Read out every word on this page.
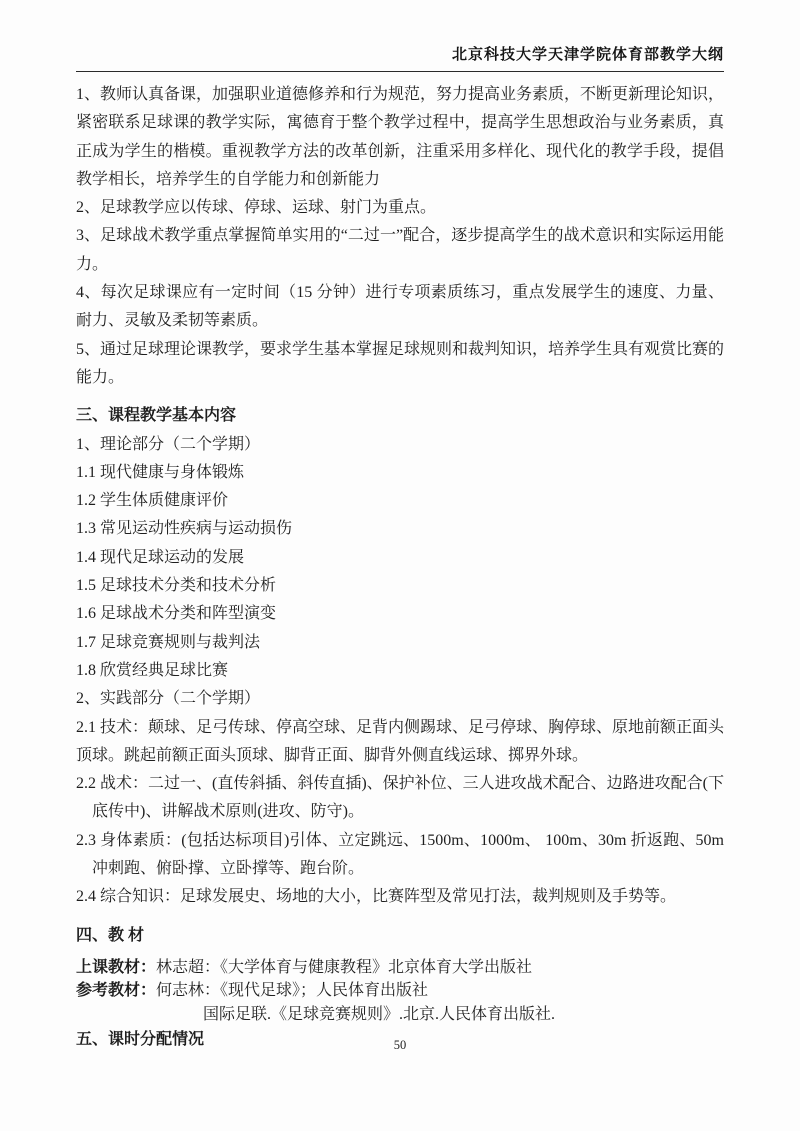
北京科技大学天津学院体育部教学大纲

1、教师认真备课，加强职业道德修养和行为规范，努力提高业务素质，不断更新理论知识，紧密联系足球课的教学实际，寓德育于整个教学过程中，提高学生思想政治与业务素质，真正成为学生的楷模。重视教学方法的改革创新，注重采用多样化、现代化的教学手段，提倡教学相长，培养学生的自学能力和创新能力

2、足球教学应以传球、停球、运球、射门为重点。

3、足球战术教学重点掌握简单实用的“二过一”配合，逐步提高学生的战术意识和实际运用能力。

4、每次足球课应有一定时间（15 分钟）进行专项素质练习，重点发展学生的速度、力量、耐力、灵敏及柔韧等素质。

5、通过足球理论课教学，要求学生基本掌握足球规则和裁判知识，培养学生具有观赏比赛的能力。

三、课程教学基本内容

1、理论部分（二个学期）

1.1 现代健康与身体锻炼

1.2 学生体质健康评价

1.3 常见运动性疾病与运动损伤

1.4 现代足球运动的发展

1.5 足球技术分类和技术分析

1.6 足球战术分类和阵型演变

1.7 足球竞赛规则与裁判法

1.8 欣赏经典足球比赛

2、实践部分（二个学期）

2.1 技术：颠球、足弓传球、停高空球、足背内侧踢球、足弓停球、胸停球、原地前额正面头顶球。跳起前额正面头顶球、脚背正面、脚背外侧直线运球、掷界外球。

2.2 战术：二过一、(直传斜插、斜传直插)、保护补位、三人进攻战术配合、边路进攻配合(下底传中)、讲解战术原则(进攻、防守)。

2.3 身体素质：(包括达标项目)引体、立定跳远、1500m、1000m、 100m、30m 折返跑、50m 冲刺跑、俯卧撑、立卧撑等、跑台阶。

2.4 综合知识：足球发展史、场地的大小，比赛阵型及常见打法，裁判规则及手势等。

四、教 材

上课教材：林志超：《大学体育与健康教程》北京体育大学出版社

参考教材：何志林：《现代足球》；人民体育出版社

国际足联.《足球竞赛规则》.北京.人民体育出版社.

五、课时分配情况	50
